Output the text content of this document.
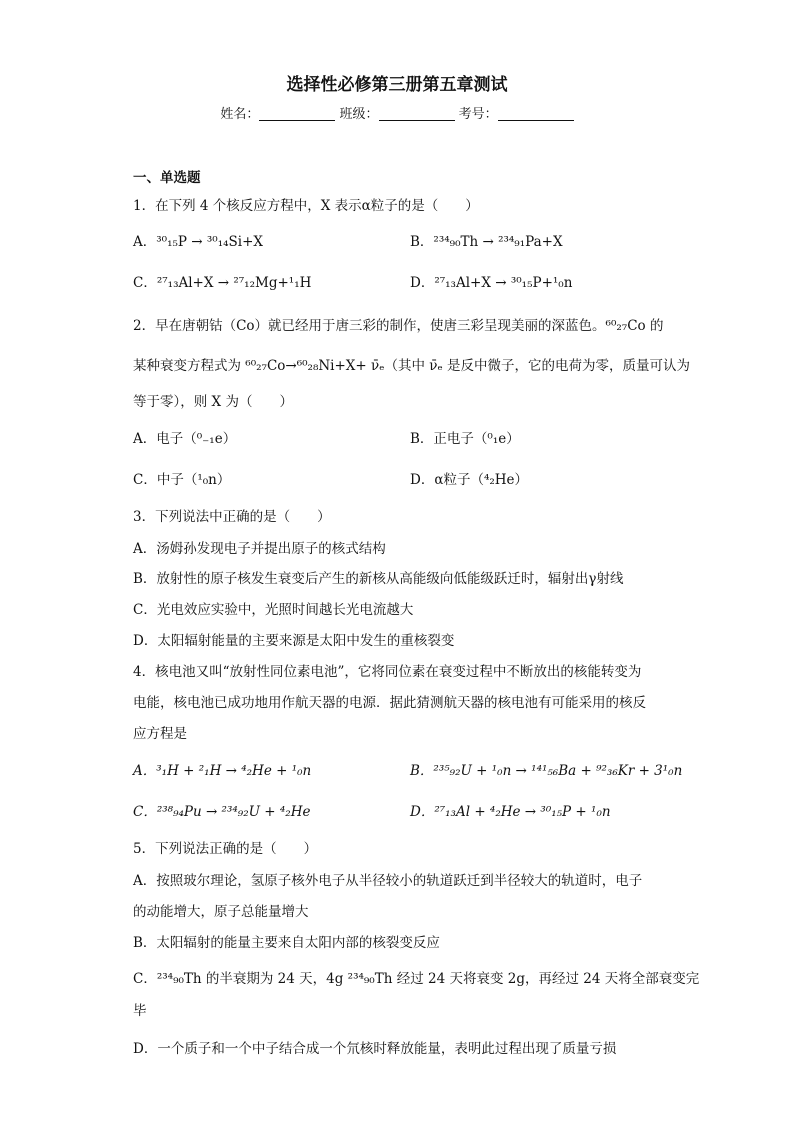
选择性必修第三册第五章测试
姓名：	班级：	考号：
一、单选题
1．在下列 4 个核反应方程中，X 表示α粒子的是（　　）
A．³⁰₁₅P → ³⁰₁₄Si+X	B．²³⁴₉₀Th → ²³⁴₉₁Pa+X
C．²⁷₁₃Al+X → ²⁷₁₂Mg+¹₁H	D．²⁷₁₃Al+X → ³⁰₁₅P+¹₀n
2．早在唐朝钴（Co）就已经用于唐三彩的制作，使唐三彩呈现美丽的深蓝色。⁶⁰₂₇Co 的
某种衰变方程式为 ⁶⁰₂₇Co→⁶⁰₂₈Ni+X+ ν̄ₑ（其中 ν̄ₑ 是反中微子，它的电荷为零，质量可认为
等于零），则 X 为（　　）
A．电子（⁰₋₁e）	B．正电子（⁰₁e）
C．中子（¹₀n）	D．α粒子（⁴₂He）
3．下列说法中正确的是（　　）
A．汤姆孙发现电子并提出原子的核式结构
B．放射性的原子核发生衰变后产生的新核从高能级向低能级跃迁时，辐射出γ射线
C．光电效应实验中，光照时间越长光电流越大
D．太阳辐射能量的主要来源是太阳中发生的重核裂变
4．核电池又叫“放射性同位素电池”，它将同位素在衰变过程中不断放出的核能转变为
电能，核电池已成功地用作航天器的电源．据此猜测航天器的核电池有可能采用的核反
应方程是
A．³₁H + ²₁H → ⁴₂He + ¹₀n	B．²³⁵₉₂U + ¹₀n → ¹⁴¹₅₆Ba + ⁹²₃₆Kr + 3¹₀n
C．²³⁸₉₄Pu → ²³⁴₉₂U + ⁴₂He	D．²⁷₁₃Al + ⁴₂He → ³⁰₁₅P + ¹₀n
5．下列说法正确的是（　　）
A．按照玻尔理论，氢原子核外电子从半径较小的轨道跃迁到半径较大的轨道时，电子
的动能增大，原子总能量增大
B．太阳辐射的能量主要来自太阳内部的核裂变反应
C．²³⁴₉₀Th 的半衰期为 24 天，4g ²³⁴₉₀Th 经过 24 天将衰变 2g，再经过 24 天将全部衰变完
毕
D．一个质子和一个中子结合成一个氘核时释放能量，表明此过程出现了质量亏损
